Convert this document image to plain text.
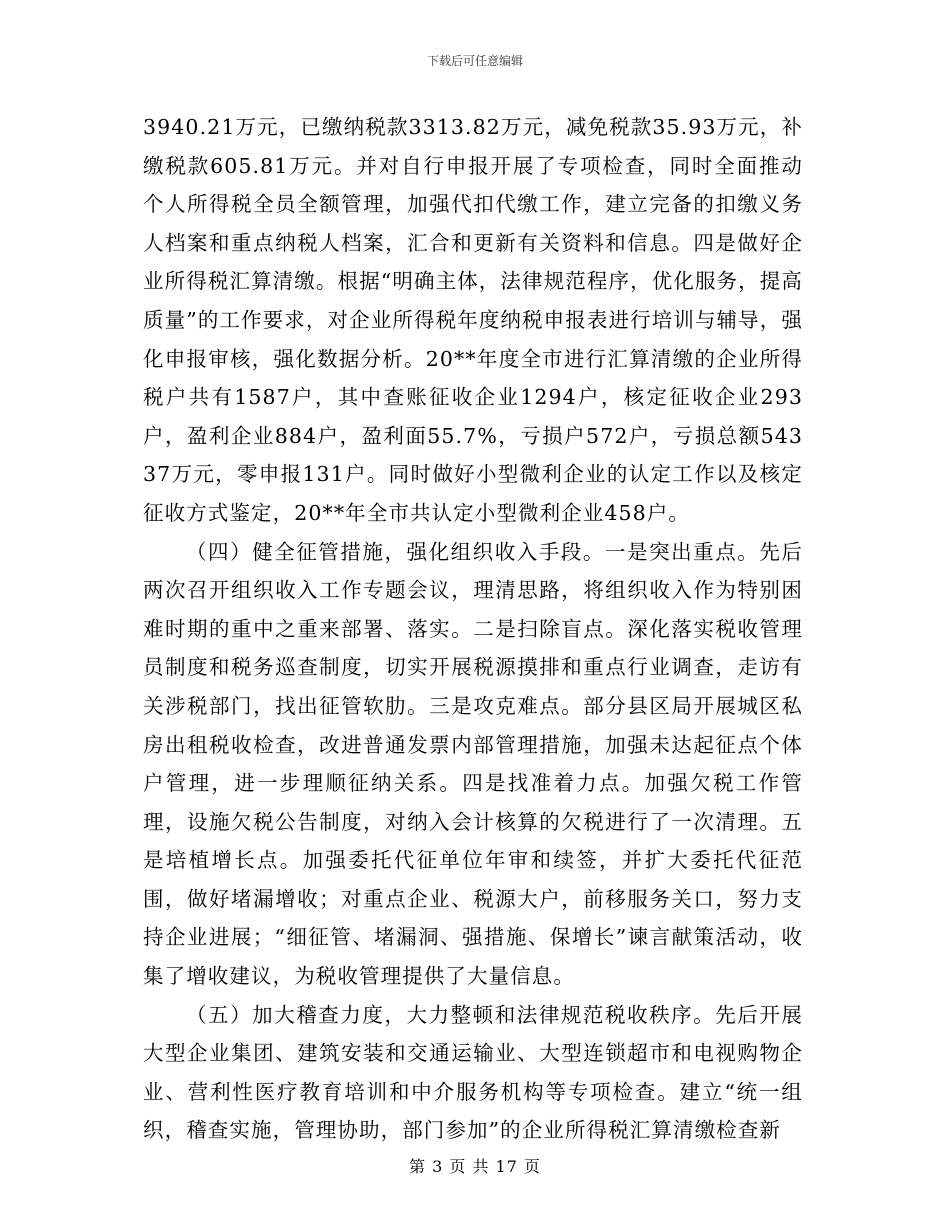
下载后可任意编辑

3940.21万元，已缴纳税款3313.82万元，减免税款35.93万元，补缴税款605.81万元。并对自行申报开展了专项检查，同时全面推动个人所得税全员全额管理，加强代扣代缴工作，建立完备的扣缴义务人档案和重点纳税人档案，汇合和更新有关资料和信息。四是做好企业所得税汇算清缴。根据“明确主体，法律规范程序，优化服务，提高质量”的工作要求，对企业所得税年度纳税申报表进行培训与辅导，强化申报审核，强化数据分析。20**年度全市进行汇算清缴的企业所得税户共有1587户，其中查账征收企业1294户，核定征收企业293户，盈利企业884户，盈利面55.7%，亏损户572户，亏损总额54337万元，零申报131户。同时做好小型微利企业的认定工作以及核定征收方式鉴定，20**年全市共认定小型微利企业458户。

（四）健全征管措施，强化组织收入手段。一是突出重点。先后两次召开组织收入工作专题会议，理清思路，将组织收入作为特别困难时期的重中之重来部署、落实。二是扫除盲点。深化落实税收管理员制度和税务巡查制度，切实开展税源摸排和重点行业调查，走访有关涉税部门，找出征管软肋。三是攻克难点。部分县区局开展城区私房出租税收检查，改进普通发票内部管理措施，加强未达起征点个体户管理，进一步理顺征纳关系。四是找准着力点。加强欠税工作管理，设施欠税公告制度，对纳入会计核算的欠税进行了一次清理。五是培植增长点。加强委托代征单位年审和续签，并扩大委托代征范围，做好堵漏增收；对重点企业、税源大户，前移服务关口，努力支持企业进展；“细征管、堵漏洞、强措施、保增长”谏言献策活动，收集了增收建议，为税收管理提供了大量信息。

（五）加大稽查力度，大力整顿和法律规范税收秩序。先后开展大型企业集团、建筑安装和交通运输业、大型连锁超市和电视购物企业、营利性医疗教育培训和中介服务机构等专项检查。建立“统一组织，稽查实施，管理协助，部门参加”的企业所得税汇算清缴检查新

第 3 页 共 17 页
